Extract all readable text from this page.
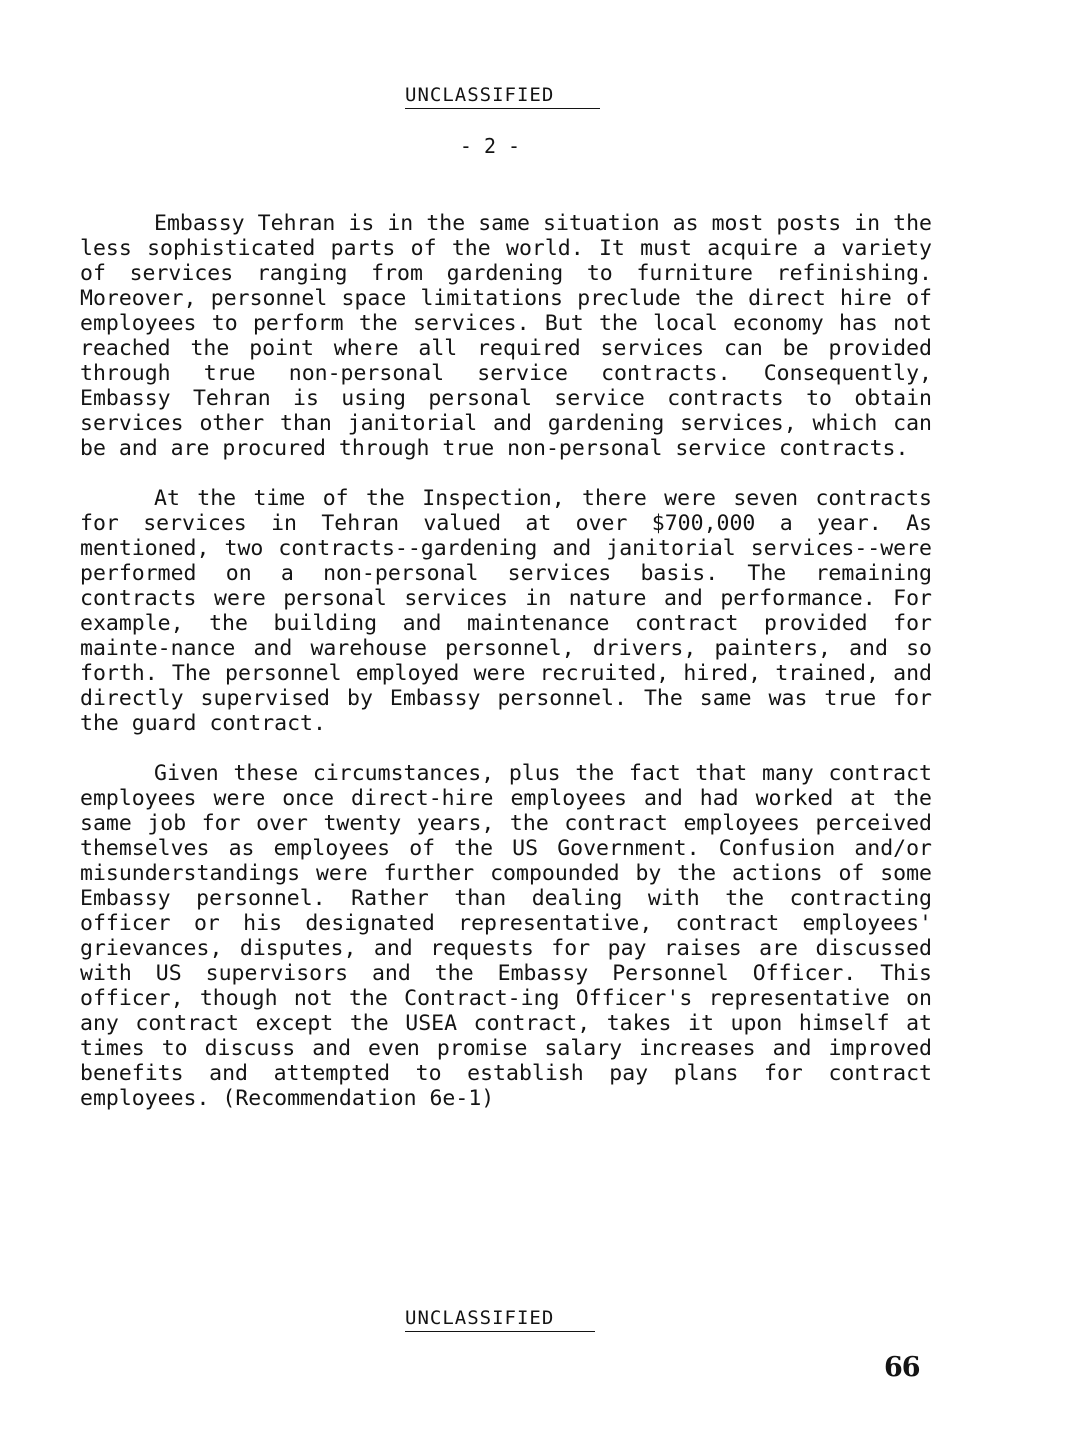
UNCLASSIFIED
- 2 -

Embassy Tehran is in the same situation as most posts in the less sophisticated parts of the world. It must acquire a variety of services ranging from gardening to furniture refinishing. Moreover, personnel space limitations preclude the direct hire of employees to perform the services. But the local economy has not reached the point where all required services can be provided through true non-personal service contracts. Consequently, Embassy Tehran is using personal service contracts to obtain services other than janitorial and gardening services, which can be and are procured through true non-personal service contracts.

At the time of the Inspection, there were seven contracts for services in Tehran valued at over $700,000 a year. As mentioned, two contracts--gardening and janitorial services--were performed on a non-personal services basis. The remaining contracts were personal services in nature and performance. For example, the building and maintenance contract provided for mainte-nance and warehouse personnel, drivers, painters, and so forth. The personnel employed were recruited, hired, trained, and directly supervised by Embassy personnel. The same was true for the guard contract.

Given these circumstances, plus the fact that many contract employees were once direct-hire employees and had worked at the same job for over twenty years, the contract employees perceived themselves as employees of the US Government. Confusion and/or misunderstandings were further compounded by the actions of some Embassy personnel. Rather than dealing with the contracting officer or his designated representative, contract employees' grievances, disputes, and requests for pay raises are discussed with US supervisors and the Embassy Personnel Officer. This officer, though not the Contract-ing Officer's representative on any contract except the USEA contract, takes it upon himself at times to discuss and even promise salary increases and improved benefits and attempted to establish pay plans for contract employees. (Recommendation 6e-1)

UNCLASSIFIED
66
